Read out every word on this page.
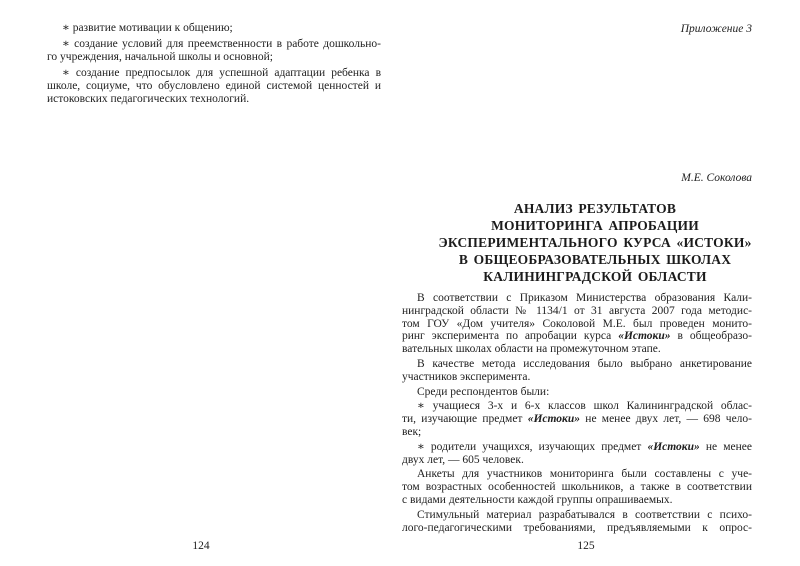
∗ развитие мотивации к общению;
∗ создание условий для преемственности в работе дошкольно-
го учреждения, начальной школы и основной;
∗ создание предпосылок для успешной адаптации ребенка в
школе, социуме, что обусловлено единой системой ценностей и
истоковских педагогических технологий.
124
Приложение 3
М.Е. Соколова
АНАЛИЗ РЕЗУЛЬТАТОВ
МОНИТОРИНГА АПРОБАЦИИ
ЭКСПЕРИМЕНТАЛЬНОГО КУРСА «ИСТОКИ»
В ОБЩЕОБРАЗОВАТЕЛЬНЫХ ШКОЛАХ
КАЛИНИНГРАДСКОЙ ОБЛАСТИ
В соответствии с Приказом Министерства образования Кали-
нинградской области № 1134/1 от 31 августа 2007 года методис-
том ГОУ «Дом учителя» Соколовой М.Е. был проведен монито-
ринг эксперимента по апробации курса «Истоки» в общеобразо-
вательных школах области на промежуточном этапе.
В качестве метода исследования было выбрано анкетирование
участников эксперимента.
Среди респондентов были:
∗ учащиеся 3-х и 6-х классов школ Калининградской облас-
ти, изучающие предмет «Истоки» не менее двух лет, — 698 чело-
век;
∗ родители учащихся, изучающих предмет «Истоки» не менее
двух лет, — 605 человек.
Анкеты для участников мониторинга были составлены с уче-
том возрастных особенностей школьников, а также в соответствии
с видами деятельности каждой группы опрашиваемых.
Стимульный материал разрабатывался в соответствии с психо-
лого-педагогическими требованиями, предъявляемыми к опрос-
125
